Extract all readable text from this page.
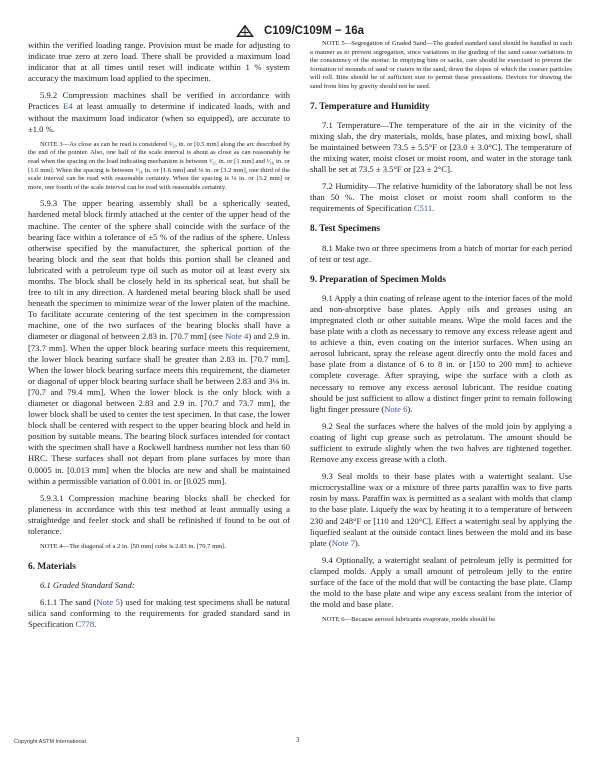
C109/C109M − 16a

within the verified loading range. Provision must be made for adjusting to indicate true zero at zero load. There shall be provided a maximum load indicator that at all times until reset will indicate within 1 % system accuracy the maximum load applied to the specimen.

5.9.2 Compression machines shall be verified in accordance with Practices E4 at least annually to determine if indicated loads, with and without the maximum load indicator (when so equipped), are accurate to ±1.0 %.

NOTE 3—As close as can be read is considered ¹⁄₅₀ in. or [0.5 mm] along the arc described by the end of the pointer. Also, one half of the scale interval is about as close as can reasonably be read when the spacing on the load indicating mechanism is between ¹⁄₂₅ in. or [1 mm] and ¹⁄₁₆ in. or [1.6 mm]. When the spacing is between ¹⁄₁₆ in. or [1.6 mm] and ⅛ in. or [3.2 mm], one third of the scale interval can be read with reasonable certainty. When the spacing is ⅛ in. or [3.2 mm] or more, one fourth of the scale interval can be read with reasonable certainty.

5.9.3 The upper bearing assembly shall be a spherically seated, hardened metal block firmly attached at the center of the upper head of the machine. The center of the sphere shall coincide with the surface of the bearing face within a tolerance of ±5 % of the radius of the sphere. Unless otherwise specified by the manufacturer, the spherical portion of the bearing block and the seat that holds this portion shall be cleaned and lubricated with a petroleum type oil such as motor oil at least every six months. The block shall be closely held in its spherical seat, but shall be free to tilt in any direction. A hardened metal bearing block shall be used beneath the specimen to minimize wear of the lower platen of the machine. To facilitate accurate centering of the test specimen in the compression machine, one of the two surfaces of the bearing blocks shall have a diameter or diagonal of between 2.83 in. [70.7 mm] (see Note 4) and 2.9 in. [73.7 mm]. When the upper block bearing surface meets this requirement, the lower block bearing surface shall be greater than 2.83 in. [70.7 mm]. When the lower block bearing surface meets this requirement, the diameter or diagonal of upper block bearing surface shall be between 2.83 and 3⅛ in. [70.7 and 79.4 mm]. When the lower block is the only block with a diameter or diagonal between 2.83 and 2.9 in. [70.7 and 73.7 mm], the lower block shall be used to center the test specimen. In that case, the lower block shall be centered with respect to the upper bearing block and held in position by suitable means. The bearing block surfaces intended for contact with the specimen shall have a Rockwell hardness number not less than 60 HRC. These surfaces shall not depart from plane surfaces by more than 0.0005 in. [0.013 mm] when the blocks are new and shall be maintained within a permissible variation of 0.001 in. or [0.025 mm].

5.9.3.1 Compression machine bearing blocks shall be checked for planeness in accordance with this test method at least annually using a straightedge and feeler stock and shall be refinished if found to be out of tolerance.

NOTE 4—The diagonal of a 2 in. [50 mm] cube is 2.83 in. [70.7 mm].

6. Materials

6.1 Graded Standard Sand:

6.1.1 The sand (Note 5) used for making test specimens shall be natural silica sand conforming to the requirements for graded standard sand in Specification C778.

NOTE 5—Segregation of Graded Sand—The graded standard sand should be handled in such a manner as to prevent segregation, since variations in the grading of the sand cause variations in the consistency of the mortar. In emptying bins or sacks, care should be exercised to prevent the formation of mounds of sand or craters in the sand, down the slopes of which the coarser particles will roll. Bins should be of sufficient size to permit these precautions. Devices for drawing the sand from bins by gravity should not be used.

7. Temperature and Humidity

7.1 Temperature—The temperature of the air in the vicinity of the mixing slab, the dry materials, molds, base plates, and mixing bowl, shall be maintained between 73.5 ± 5.5°F or [23.0 ± 3.0°C]. The temperature of the mixing water, moist closet or moist room, and water in the storage tank shall be set at 73.5 ± 3.5°F or [23 ± 2°C].

7.2 Humidity—The relative humidity of the laboratory shall be not less than 50 %. The moist closet or moist room shall conform to the requirements of Specification C511.

8. Test Specimens

8.1 Make two or three specimens from a batch of mortar for each period of test or test age.

9. Preparation of Specimen Molds

9.1 Apply a thin coating of release agent to the interior faces of the mold and non-absorptive base plates. Apply oils and greases using an impregnated cloth or other suitable means. Wipe the mold faces and the base plate with a cloth as necessary to remove any excess release agent and to achieve a thin, even coating on the interior surfaces. When using an aerosol lubricant, spray the release agent directly onto the mold faces and base plate from a distance of 6 to 8 in. or [150 to 200 mm] to achieve complete coverage. After spraying, wipe the surface with a cloth as necessary to remove any excess aerosol lubricant. The residue coating should be just sufficient to allow a distinct finger print to remain following light finger pressure (Note 6).

9.2 Seal the surfaces where the halves of the mold join by applying a coating of light cup grease such as petrolatum. The amount should be sufficient to extrude slightly when the two halves are tightened together. Remove any excess grease with a cloth.

9.3 Seal molds to their base plates with a watertight sealant. Use microcrystalline wax or a mixture of three parts paraffin wax to five parts rosin by mass. Paraffin wax is permitted as a sealant with molds that clamp to the base plate. Liquefy the wax by heating it to a temperature of between 230 and 248°F or [110 and 120°C]. Effect a watertight seal by applying the liquefied sealant at the outside contact lines between the mold and its base plate (Note 7).

9.4 Optionally, a watertight sealant of petroleum jelly is permitted for clamped molds. Apply a small amount of petroleum jelly to the entire surface of the face of the mold that will be contacting the base plate. Clamp the mold to the base plate and wipe any excess sealant from the interior of the mold and base plate.

NOTE 6—Because aerosol lubricants evaporate, molds should be

Copyright ASTM International	3
